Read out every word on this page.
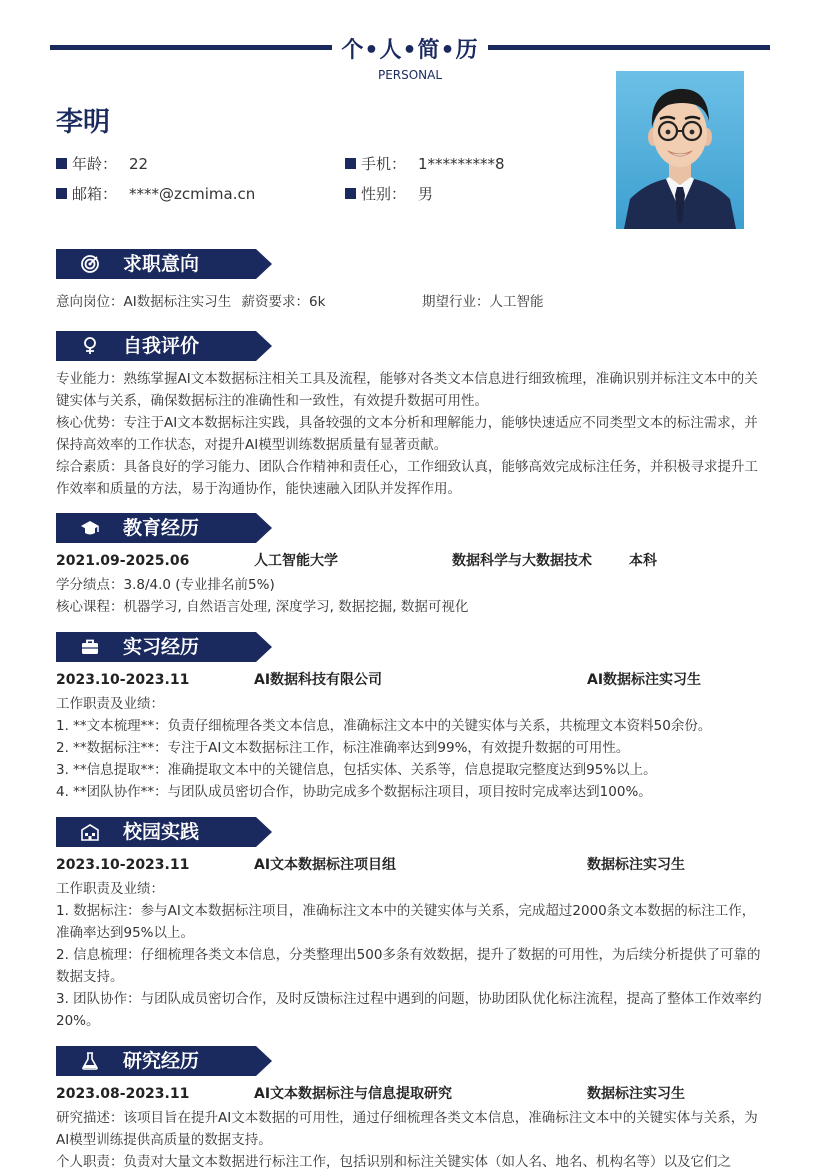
个•人•简•历
PERSONAL
李明
年龄： 22	手机： 1*********8
邮箱： ****@zcmima.cn	性别： 男
求职意向
意向岗位：AI数据标注实习生 薪资要求：6k	期望行业：人工智能
自我评价
专业能力：熟练掌握AI文本数据标注相关工具及流程，能够对各类文本信息进行细致梳理，准确识别并标注文本中的关键实体与关系，确保数据标注的准确性和一致性，有效提升数据可用性。
核心优势：专注于AI文本数据标注实践，具备较强的文本分析和理解能力，能够快速适应不同类型文本的标注需求，并保持高效率的工作状态，对提升AI模型训练数据质量有显著贡献。
综合素质：具备良好的学习能力、团队合作精神和责任心，工作细致认真，能够高效完成标注任务，并积极寻求提升工作效率和质量的方法，易于沟通协作，能快速融入团队并发挥作用。
教育经历
2021.09-2025.06	人工智能大学	数据科学与大数据技术	本科
学分绩点：3.8/4.0 (专业排名前5%)
核心课程：机器学习, 自然语言处理, 深度学习, 数据挖掘, 数据可视化
实习经历
2023.10-2023.11	AI数据科技有限公司	AI数据标注实习生
工作职责及业绩：
1. **文本梳理**：负责仔细梳理各类文本信息，准确标注文本中的关键实体与关系，共梳理文本资料50余份。
2. **数据标注**：专注于AI文本数据标注工作，标注准确率达到99%，有效提升数据的可用性。
3. **信息提取**：准确提取文本中的关键信息，包括实体、关系等，信息提取完整度达到95%以上。
4. **团队协作**：与团队成员密切合作，协助完成多个数据标注项目，项目按时完成率达到100%。
校园实践
2023.10-2023.11	AI文本数据标注项目组	数据标注实习生
工作职责及业绩：
1. 数据标注：参与AI文本数据标注项目，准确标注文本中的关键实体与关系，完成超过2000条文本数据的标注工作，准确率达到95%以上。
2. 信息梳理：仔细梳理各类文本信息，分类整理出500多条有效数据，提升了数据的可用性，为后续分析提供了可靠的数据支持。
3. 团队协作：与团队成员密切合作，及时反馈标注过程中遇到的问题，协助团队优化标注流程，提高了整体工作效率约20%。
研究经历
2023.08-2023.11	AI文本数据标注与信息提取研究	数据标注实习生
研究描述：该项目旨在提升AI文本数据的可用性，通过仔细梳理各类文本信息，准确标注文本中的关键实体与关系，为AI模型训练提供高质量的数据支持。
个人职责：负责对大量文本数据进行标注工作，包括识别和标注关键实体（如人名、地名、机构名等）以及它们之
